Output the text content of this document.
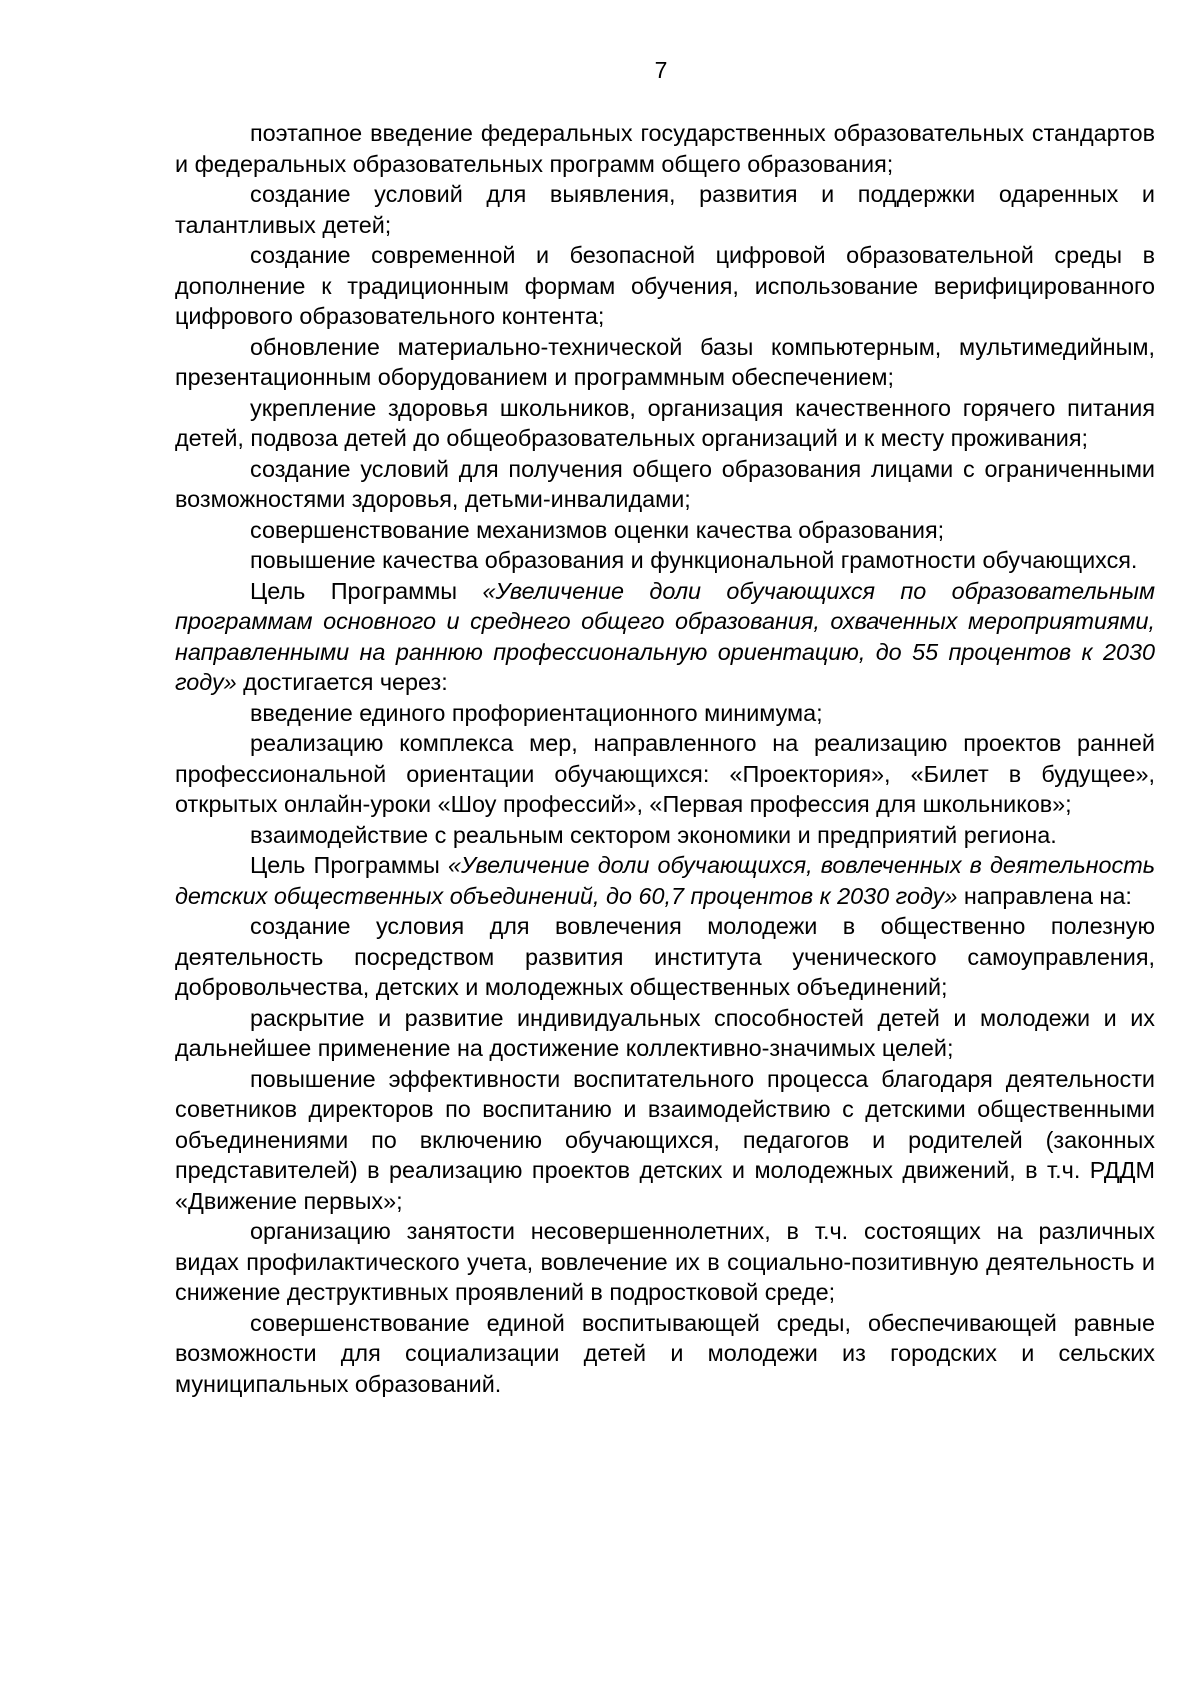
7

поэтапное введение федеральных государственных образовательных стандартов и федеральных образовательных программ общего образования;

создание условий для выявления, развития и поддержки одаренных и талантливых детей;

создание современной и безопасной цифровой образовательной среды в дополнение к традиционным формам обучения, использование верифицированного цифрового образовательного контента;

обновление материально-технической базы компьютерным, мультимедийным, презентационным оборудованием и программным обеспечением;

укрепление здоровья школьников, организация качественного горячего питания детей, подвоза детей до общеобразовательных организаций и к месту проживания;

создание условий для получения общего образования лицами с ограниченными возможностями здоровья, детьми-инвалидами;

совершенствование механизмов оценки качества образования;

повышение качества образования и функциональной грамотности обучающихся.

Цель Программы «Увеличение доли обучающихся по образовательным программам основного и среднего общего образования, охваченных мероприятиями, направленными на раннюю профессиональную ориентацию, до 55 процентов к 2030 году» достигается через:

введение единого профориентационного минимума;

реализацию комплекса мер, направленного на реализацию проектов ранней профессиональной ориентации обучающихся: «Проектория», «Билет в будущее», открытых онлайн-уроки «Шоу профессий», «Первая профессия для школьников»;

взаимодействие с реальным сектором экономики и предприятий региона.

Цель Программы «Увеличение доли обучающихся, вовлеченных в деятельность детских общественных объединений, до 60,7 процентов к 2030 году» направлена на:

создание условия для вовлечения молодежи в общественно полезную деятельность посредством развития института ученического самоуправления, добровольчества, детских и молодежных общественных объединений;

раскрытие и развитие индивидуальных способностей детей и молодежи и их дальнейшее применение на достижение коллективно-значимых целей;

повышение эффективности воспитательного процесса благодаря деятельности советников директоров по воспитанию и взаимодействию с детскими общественными объединениями по включению обучающихся, педагогов и родителей (законных представителей) в реализацию проектов детских и молодежных движений, в т.ч. РДДМ «Движение первых»;

организацию занятости несовершеннолетних, в т.ч. состоящих на различных видах профилактического учета, вовлечение их в социально-позитивную деятельность и снижение деструктивных проявлений в подростковой среде;

совершенствование единой воспитывающей среды, обеспечивающей равные возможности для социализации детей и молодежи из городских и сельских муниципальных образований.
